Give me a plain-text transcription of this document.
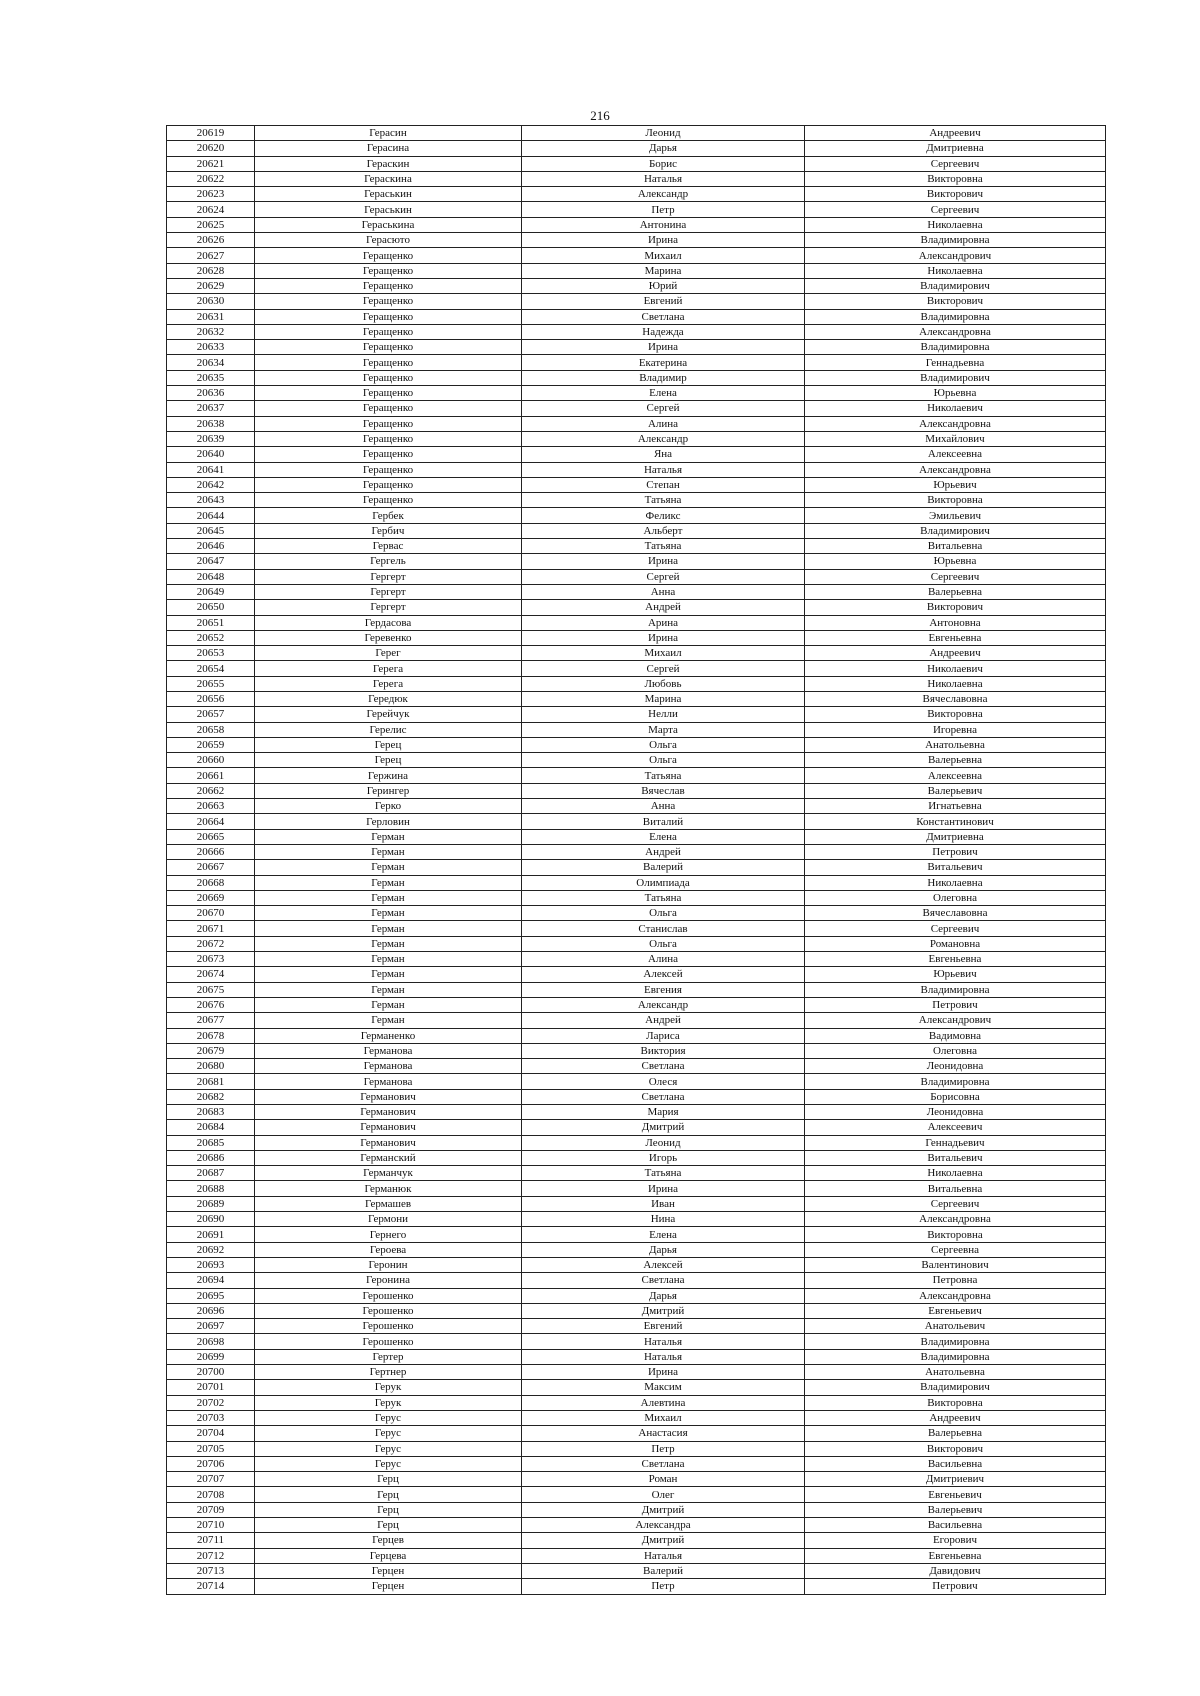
216
20619	Герасин	Леонид	Андреевич
20620	Герасина	Дарья	Дмитриевна
20621	Гераскин	Борис	Сергеевич
20622	Гераскина	Наталья	Викторовна
20623	Гераськин	Александр	Викторович
20624	Гераськин	Петр	Сергеевич
20625	Гераськина	Антонина	Николаевна
20626	Герасюто	Ирина	Владимировна
20627	Геращенко	Михаил	Александрович
20628	Геращенко	Марина	Николаевна
20629	Геращенко	Юрий	Владимирович
20630	Геращенко	Евгений	Викторович
20631	Геращенко	Светлана	Владимировна
20632	Геращенко	Надежда	Александровна
20633	Геращенко	Ирина	Владимировна
20634	Геращенко	Екатерина	Геннадьевна
20635	Геращенко	Владимир	Владимирович
20636	Геращенко	Елена	Юрьевна
20637	Геращенко	Сергей	Николаевич
20638	Геращенко	Алина	Александровна
20639	Геращенко	Александр	Михайлович
20640	Геращенко	Яна	Алексеевна
20641	Геращенко	Наталья	Александровна
20642	Геращенко	Степан	Юрьевич
20643	Геращенко	Татьяна	Викторовна
20644	Гербек	Феликс	Эмильевич
20645	Гербич	Альберт	Владимирович
20646	Гервас	Татьяна	Витальевна
20647	Гергель	Ирина	Юрьевна
20648	Гергерт	Сергей	Сергеевич
20649	Гергерт	Анна	Валерьевна
20650	Гергерт	Андрей	Викторович
20651	Гердасова	Арина	Антоновна
20652	Геревенко	Ирина	Евгеньевна
20653	Герег	Михаил	Андреевич
20654	Герега	Сергей	Николаевич
20655	Герега	Любовь	Николаевна
20656	Гередюк	Марина	Вячеславовна
20657	Герейчук	Нелли	Викторовна
20658	Герелис	Марта	Игоревна
20659	Герец	Ольга	Анатольевна
20660	Герец	Ольга	Валерьевна
20661	Гержина	Татьяна	Алексеевна
20662	Герингер	Вячеслав	Валерьевич
20663	Герко	Анна	Игнатьевна
20664	Герловин	Виталий	Константинович
20665	Герман	Елена	Дмитриевна
20666	Герман	Андрей	Петрович
20667	Герман	Валерий	Витальевич
20668	Герман	Олимпиада	Николаевна
20669	Герман	Татьяна	Олеговна
20670	Герман	Ольга	Вячеславовна
20671	Герман	Станислав	Сергеевич
20672	Герман	Ольга	Романовна
20673	Герман	Алина	Евгеньевна
20674	Герман	Алексей	Юрьевич
20675	Герман	Евгения	Владимировна
20676	Герман	Александр	Петрович
20677	Герман	Андрей	Александрович
20678	Германенко	Лариса	Вадимовна
20679	Германова	Виктория	Олеговна
20680	Германова	Светлана	Леонидовна
20681	Германова	Олеся	Владимировна
20682	Германович	Светлана	Борисовна
20683	Германович	Мария	Леонидовна
20684	Германович	Дмитрий	Алексеевич
20685	Германович	Леонид	Геннадьевич
20686	Германский	Игорь	Витальевич
20687	Германчук	Татьяна	Николаевна
20688	Германюк	Ирина	Витальевна
20689	Гермашев	Иван	Сергеевич
20690	Гермони	Нина	Александровна
20691	Гернего	Елена	Викторовна
20692	Героева	Дарья	Сергеевна
20693	Геронин	Алексей	Валентинович
20694	Геронина	Светлана	Петровна
20695	Герошенко	Дарья	Александровна
20696	Герошенко	Дмитрий	Евгеньевич
20697	Герошенко	Евгений	Анатольевич
20698	Герошенко	Наталья	Владимировна
20699	Гертер	Наталья	Владимировна
20700	Гертнер	Ирина	Анатольевна
20701	Герук	Максим	Владимирович
20702	Герук	Алевтина	Викторовна
20703	Герус	Михаил	Андреевич
20704	Герус	Анастасия	Валерьевна
20705	Герус	Петр	Викторович
20706	Герус	Светлана	Васильевна
20707	Герц	Роман	Дмитриевич
20708	Герц	Олег	Евгеньевич
20709	Герц	Дмитрий	Валерьевич
20710	Герц	Александра	Васильевна
20711	Герцев	Дмитрий	Егорович
20712	Герцева	Наталья	Евгеньевна
20713	Герцен	Валерий	Давидович
20714	Герцен	Петр	Петрович
